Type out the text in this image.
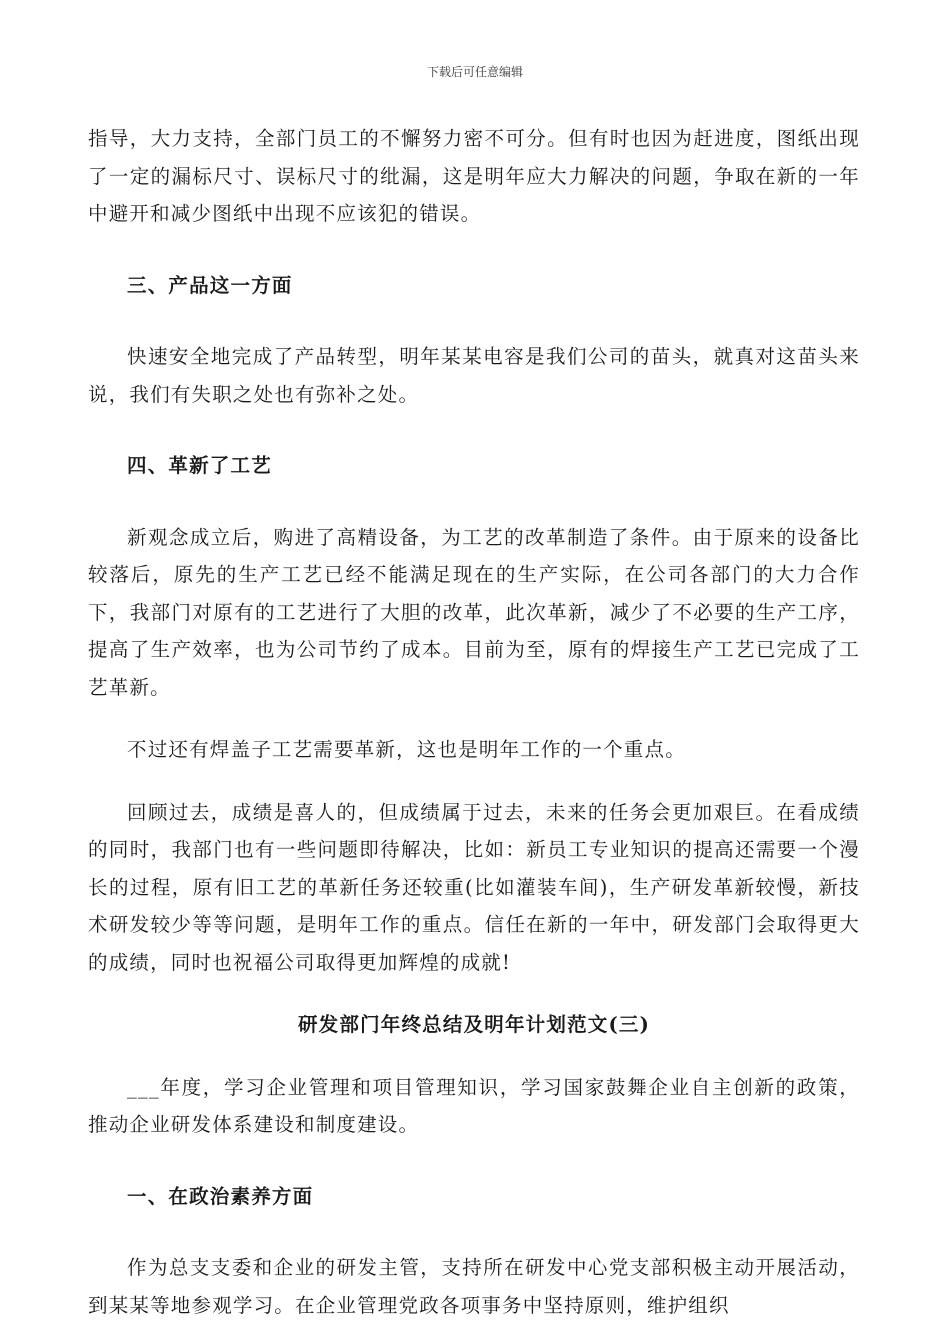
下载后可任意编辑

指导，大力支持，全部门员工的不懈努力密不可分。但有时也因为赶进度，图纸出现了一定的漏标尺寸、误标尺寸的纰漏，这是明年应大力解决的问题，争取在新的一年中避开和减少图纸中出现不应该犯的错误。

三、产品这一方面

快速安全地完成了产品转型，明年某某电容是我们公司的苗头，就真对这苗头来说，我们有失职之处也有弥补之处。

四、革新了工艺

新观念成立后，购进了高精设备，为工艺的改革制造了条件。由于原来的设备比较落后，原先的生产工艺已经不能满足现在的生产实际，在公司各部门的大力合作下，我部门对原有的工艺进行了大胆的改革，此次革新，减少了不必要的生产工序，提高了生产效率，也为公司节约了成本。目前为至，原有的焊接生产工艺已完成了工艺革新。

不过还有焊盖子工艺需要革新，这也是明年工作的一个重点。

回顾过去，成绩是喜人的，但成绩属于过去，未来的任务会更加艰巨。在看成绩的同时，我部门也有一些问题即待解决，比如：新员工专业知识的提高还需要一个漫长的过程，原有旧工艺的革新任务还较重(比如灌装车间)，生产研发革新较慢，新技术研发较少等等问题，是明年工作的重点。信任在新的一年中，研发部门会取得更大的成绩，同时也祝福公司取得更加辉煌的成就!

研发部门年终总结及明年计划范文(三)

___年度，学习企业管理和项目管理知识，学习国家鼓舞企业自主创新的政策，推动企业研发体系建设和制度建设。

一、在政治素养方面

作为总支支委和企业的研发主管，支持所在研发中心党支部积极主动开展活动，到某某等地参观学习。在企业管理党政各项事务中坚持原则，维护组织
